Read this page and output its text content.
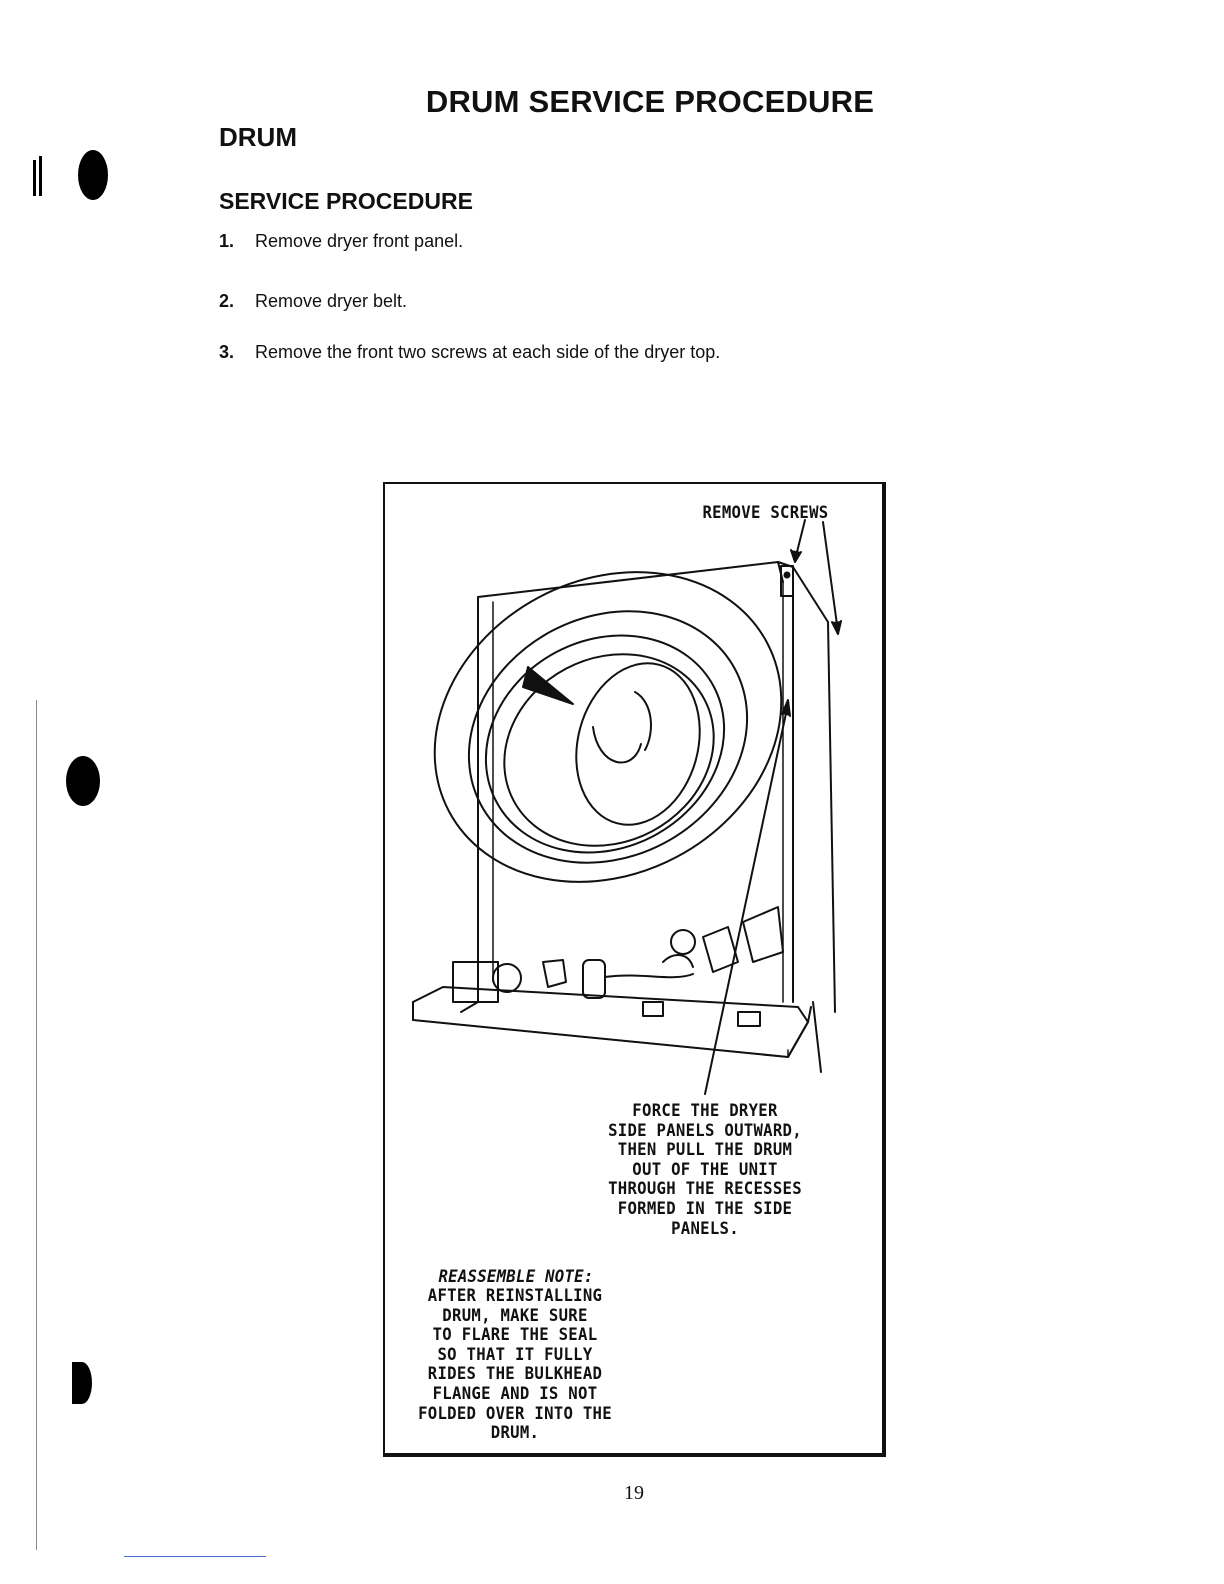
DRUM SERVICE PROCEDURE
DRUM
SERVICE PROCEDURE
1. Remove dryer front panel.
2. Remove dryer belt.
3. Remove the front two screws at each side of the dryer top.
REMOVE SCREWS
FORCE THE DRYER
SIDE PANELS OUTWARD,
THEN PULL THE DRUM
OUT OF THE UNIT
THROUGH THE RECESSES
FORMED IN THE SIDE
PANELS.
REASSEMBLE NOTE:
AFTER REINSTALLING
DRUM, MAKE SURE
TO FLARE THE SEAL
SO THAT IT FULLY
RIDES THE BULKHEAD
FLANGE AND IS NOT
FOLDED OVER INTO THE
DRUM.
19
